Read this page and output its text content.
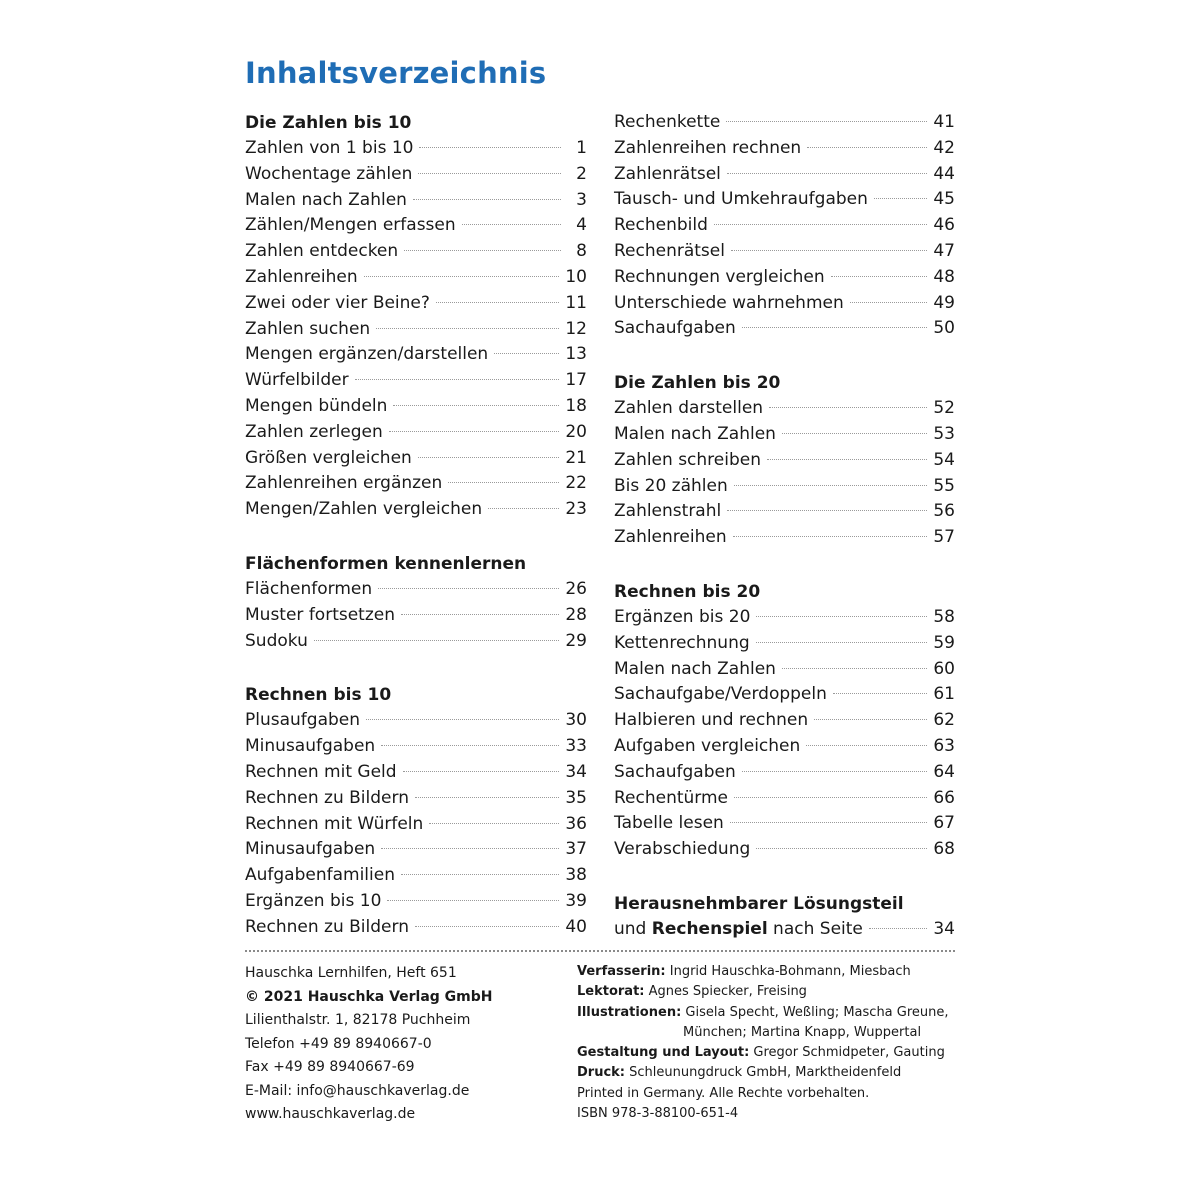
Inhaltsverzeichnis
Die Zahlen bis 10
Zahlen von 1 bis 10	1
Wochentage zählen	2
Malen nach Zahlen	3
Zählen/Mengen erfassen	4
Zahlen entdecken	8
Zahlenreihen	10
Zwei oder vier Beine?	11
Zahlen suchen	12
Mengen ergänzen/darstellen	13
Würfelbilder	17
Mengen bündeln	18
Zahlen zerlegen	20
Größen vergleichen	21
Zahlenreihen ergänzen	22
Mengen/Zahlen vergleichen	23
Flächenformen kennenlernen
Flächenformen	26
Muster fortsetzen	28
Sudoku	29
Rechnen bis 10
Plusaufgaben	30
Minusaufgaben	33
Rechnen mit Geld	34
Rechnen zu Bildern	35
Rechnen mit Würfeln	36
Minusaufgaben	37
Aufgabenfamilien	38
Ergänzen bis 10	39
Rechnen zu Bildern	40
Rechenkette	41
Zahlenreihen rechnen	42
Zahlenrätsel	44
Tausch- und Umkehraufgaben	45
Rechenbild	46
Rechenrätsel	47
Rechnungen vergleichen	48
Unterschiede wahrnehmen	49
Sachaufgaben	50
Die Zahlen bis 20
Zahlen darstellen	52
Malen nach Zahlen	53
Zahlen schreiben	54
Bis 20 zählen	55
Zahlenstrahl	56
Zahlenreihen	57
Rechnen bis 20
Ergänzen bis 20	58
Kettenrechnung	59
Malen nach Zahlen	60
Sachaufgabe/Verdoppeln	61
Halbieren und rechnen	62
Aufgaben vergleichen	63
Sachaufgaben	64
Rechentürme	66
Tabelle lesen	67
Verabschiedung	68
Herausnehmbarer Lösungsteil
und Rechenspiel nach Seite	34
Hauschka Lernhilfen, Heft 651
© 2021 Hauschka Verlag GmbH
Lilienthalstr. 1, 82178 Puchheim
Telefon +49 89 8940667-0
Fax +49 89 8940667-69
E-Mail: info@hauschkaverlag.de
www.hauschkaverlag.de
Verfasserin: Ingrid Hauschka-Bohmann, Miesbach
Lektorat: Agnes Spiecker, Freising
Illustrationen: Gisela Specht, Weßling; Mascha Greune,
München; Martina Knapp, Wuppertal
Gestaltung und Layout: Gregor Schmidpeter, Gauting
Druck: Schleunungdruck GmbH, Marktheidenfeld
Printed in Germany. Alle Rechte vorbehalten.
ISBN 978-3-88100-651-4
